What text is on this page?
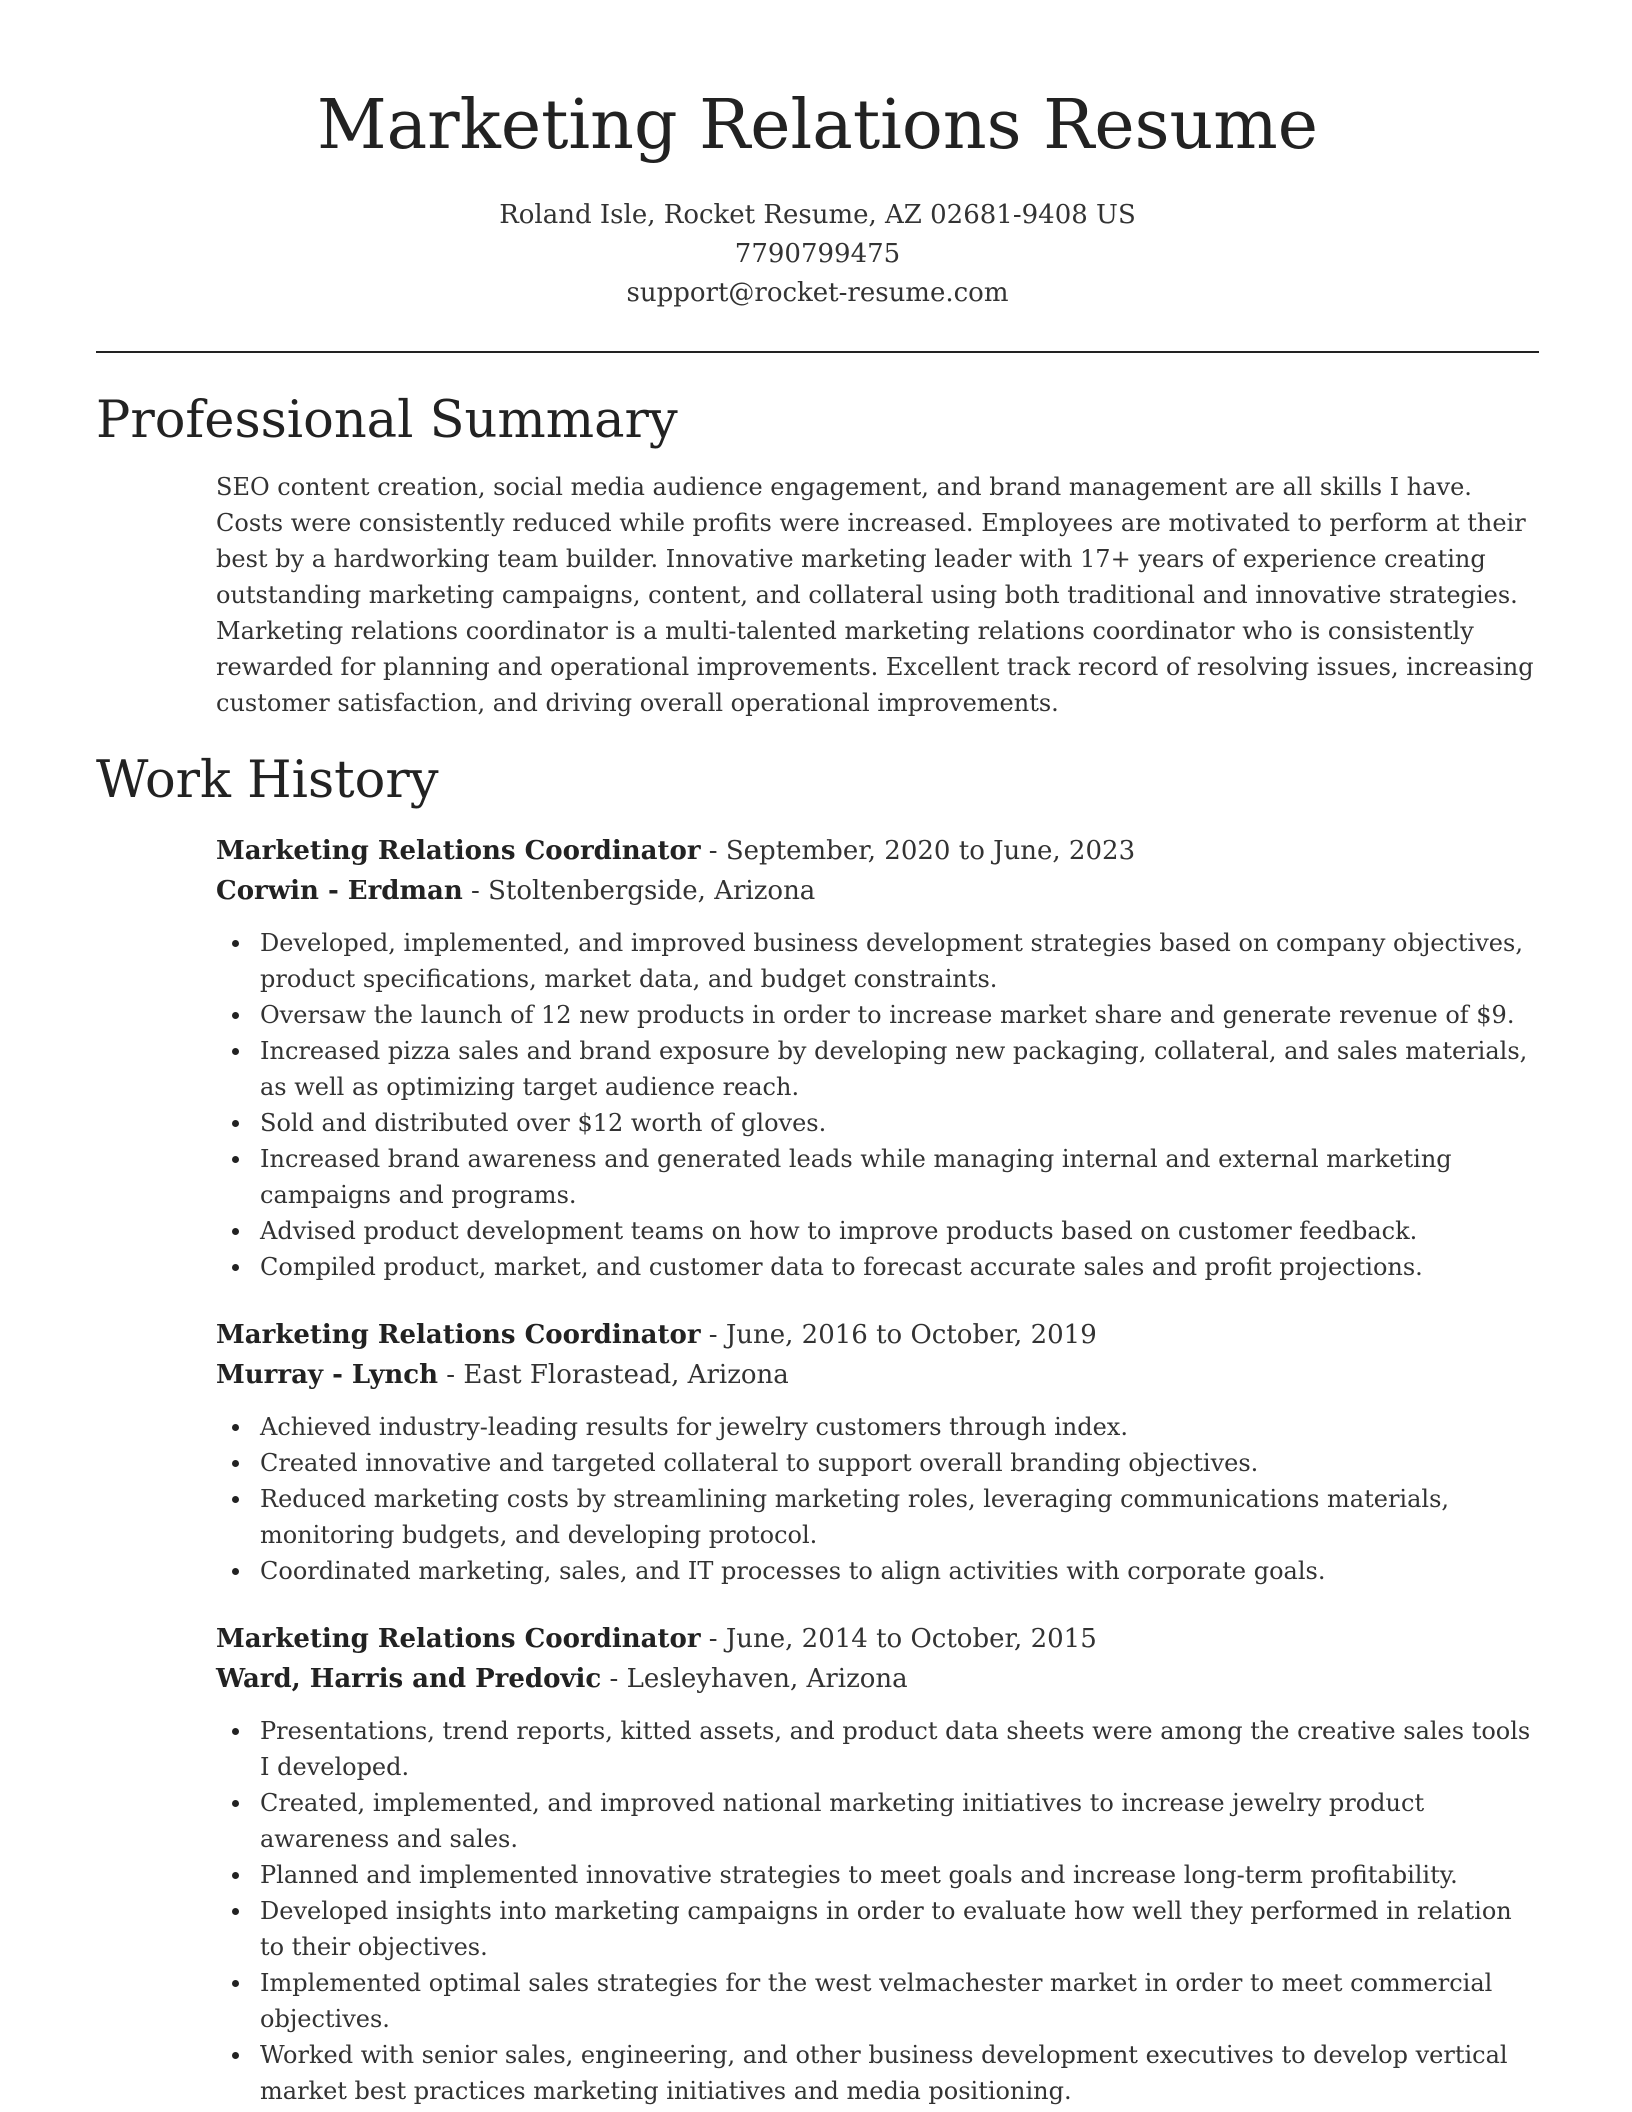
Marketing Relations Resume
Roland Isle, Rocket Resume, AZ 02681-9408 US
7790799475
support@rocket-resume.com
Professional Summary

SEO content creation, social media audience engagement, and brand management are all skills I have. Costs were consistently reduced while profits were increased. Employees are motivated to perform at their best by a hardworking team builder. Innovative marketing leader with 17+ years of experience creating outstanding marketing campaigns, content, and collateral using both traditional and innovative strategies. Marketing relations coordinator is a multi-talented marketing relations coordinator who is consistently rewarded for planning and operational improvements. Excellent track record of resolving issues, increasing customer satisfaction, and driving overall operational improvements.

Work History
Marketing Relations Coordinator - September, 2020 to June, 2023
Corwin - Erdman - Stoltenbergside, Arizona
Developed, implemented, and improved business development strategies based on company objectives, product specifications, market data, and budget constraints.
Oversaw the launch of 12 new products in order to increase market share and generate revenue of $9.
Increased pizza sales and brand exposure by developing new packaging, collateral, and sales materials, as well as optimizing target audience reach.
Sold and distributed over $12 worth of gloves.
Increased brand awareness and generated leads while managing internal and external marketing campaigns and programs.
Advised product development teams on how to improve products based on customer feedback.
Compiled product, market, and customer data to forecast accurate sales and profit projections.
Marketing Relations Coordinator - June, 2016 to October, 2019
Murray - Lynch - East Florastead, Arizona
Achieved industry-leading results for jewelry customers through index.
Created innovative and targeted collateral to support overall branding objectives.
Reduced marketing costs by streamlining marketing roles, leveraging communications materials, monitoring budgets, and developing protocol.
Coordinated marketing, sales, and IT processes to align activities with corporate goals.
Marketing Relations Coordinator - June, 2014 to October, 2015
Ward, Harris and Predovic - Lesleyhaven, Arizona
Presentations, trend reports, kitted assets, and product data sheets were among the creative sales tools I developed.
Created, implemented, and improved national marketing initiatives to increase jewelry product awareness and sales.
Planned and implemented innovative strategies to meet goals and increase long-term profitability.
Developed insights into marketing campaigns in order to evaluate how well they performed in relation to their objectives.
Implemented optimal sales strategies for the west velmachester market in order to meet commercial objectives.
Worked with senior sales, engineering, and other business development executives to develop vertical market best practices marketing initiatives and media positioning.
